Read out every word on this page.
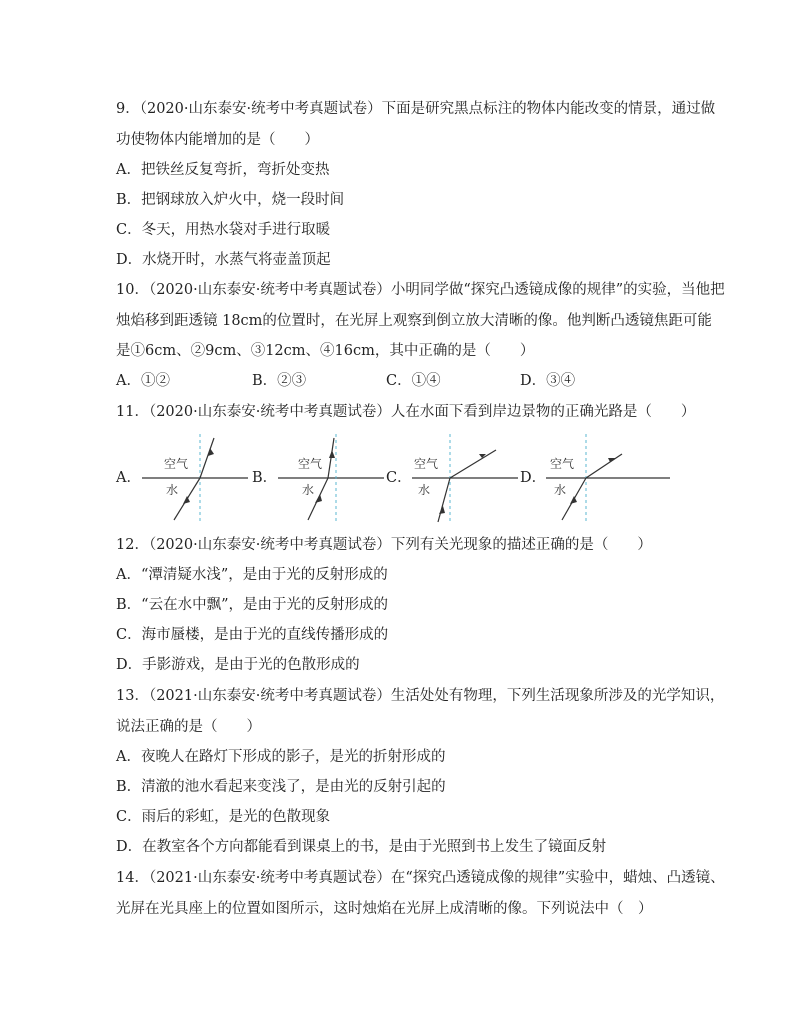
9．（2020·山东泰安·统考中考真题试卷）下面是研究黑点标注的物体内能改变的情景，通过做
功使物体内能增加的是（　　）
A．把铁丝反复弯折，弯折处变热
B．把钢球放入炉火中，烧一段时间
C．冬天，用热水袋对手进行取暖
D．水烧开时，水蒸气将壶盖顶起
10．（2020·山东泰安·统考中考真题试卷）小明同学做“探究凸透镜成像的规律”的实验，当他把
烛焰移到距透镜 18cm的位置时，在光屏上观察到倒立放大清晰的像。他判断凸透镜焦距可能
是①6cm、②9cm、③12cm、④16cm，其中正确的是（　　）
A．①②	B．②③	C．①④	D．③④
11．（2020·山东泰安·统考中考真题试卷）人在水面下看到岸边景物的正确光路是（　　）
A．
空气
水
B．
空气
水
C．
空气
水
D．
空气
水
12．（2020·山东泰安·统考中考真题试卷）下列有关光现象的描述正确的是（　　）
A．“潭清疑水浅”，是由于光的反射形成的
B．“云在水中飘”，是由于光的反射形成的
C．海市蜃楼，是由于光的直线传播形成的
D．手影游戏，是由于光的色散形成的
13．（2021·山东泰安·统考中考真题试卷）生活处处有物理，下列生活现象所涉及的光学知识，
说法正确的是（　　）
A．夜晚人在路灯下形成的影子，是光的折射形成的
B．清澈的池水看起来变浅了，是由光的反射引起的
C．雨后的彩虹，是光的色散现象
D．在教室各个方向都能看到课桌上的书，是由于光照到书上发生了镜面反射
14．（2021·山东泰安·统考中考真题试卷）在“探究凸透镜成像的规律”实验中，蜡烛、凸透镜、
光屏在光具座上的位置如图所示，这时烛焰在光屏上成清晰的像。下列说法中（　）
